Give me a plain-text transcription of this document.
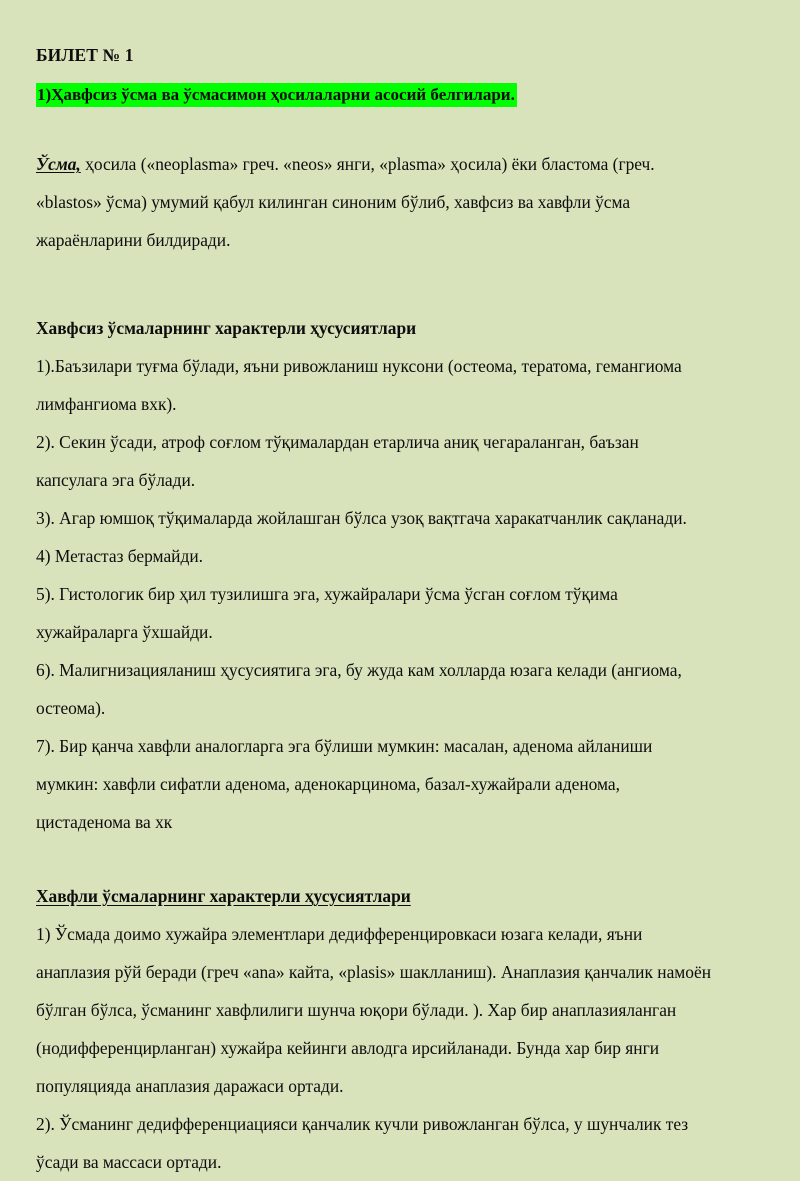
БИЛЕТ № 1

1)Ҳавфсиз ўсма ва ўсмасимон ҳосилаларни асосий белгилари.

Ўсма, ҳосила («neoplasma» греч. «neos» янги, «plasma» ҳосила) ёки бластома (греч. «blastos» ўсма) умумий қабул килинган синоним бўлиб, хавфсиз ва хавфли ўсма жараёнларини билдиради.

Хавфсиз ўсмаларнинг характерли ҳусусиятлари
1).Баъзилари туғма бўлади, яъни ривожланиш нуксони (остеома, тератома, гемангиома лимфангиома вхк).
2). Секин ўсади, атроф соғлом тўқималардан етарлича аниқ чегараланган, баъзан капсулага эга бўлади.
3). Агар юмшоқ тўқималарда жойлашган бўлса узоқ вақтгача харакатчанлик сақланади.
4) Метастаз бермайди.
5). Гистологик бир ҳил тузилишга эга, хужайралари ўсма ўсган соғлом тўқима хужайраларга ўхшайди.
6). Малигнизацияланиш ҳусусиятига эга, бу жуда кам холларда юзага келади (ангиома, остеома).
7). Бир қанча хавфли аналогларга эга бўлиши мумкин: масалан, аденома айланиши мумкин: хавфли сифатли аденома, аденокарцинома, базал-хужайрали аденома, цистаденома ва хк
Хавфли ўсмаларнинг характерли ҳусусиятлари
1) Ўсмада доимо хужайра элементлари дедифференцировкаси юзага келади, яъни анаплазия рўй беради (греч «ana» кайта, «plasis» шаклланиш). Анаплазия қанчалик намоён бўлган бўлса, ўсманинг хавфлилиги шунча юқори бўлади. ). Хар бир анаплазияланган (нодифференцирланган) хужайра кейинги авлодга ирсийланади. Бунда хар бир янги популяцияда анаплазия даражаси ортади.
2). Ўсманинг дедифференциацияси қанчалик кучли ривожланган бўлса, у шунчалик тез ўсади ва массаси ортади.
